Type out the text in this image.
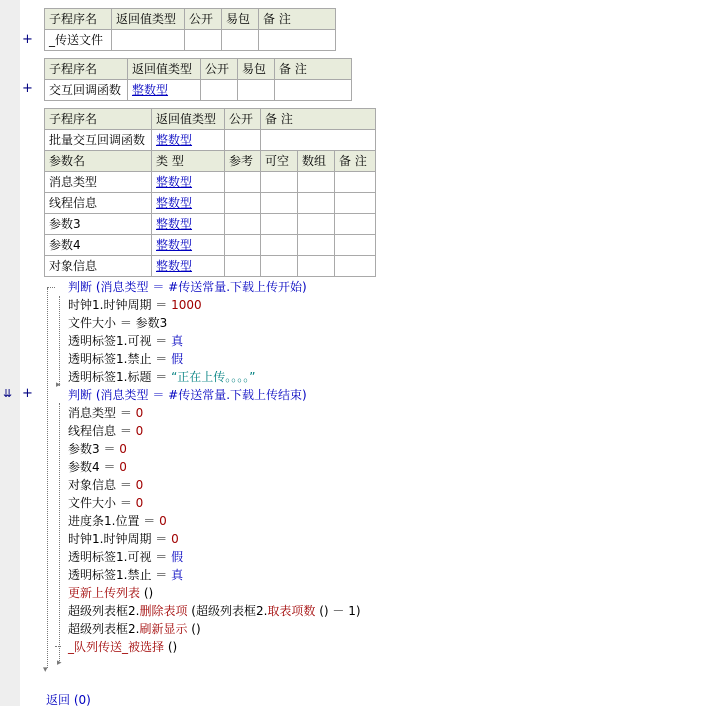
+
+
⇊ +
子程序名	返回值类型	公开	易包	备 注
_传送文件				
子程序名	返回值类型	公开	易包	备 注
交互回调函数	整数型			
子程序名	返回值类型	公开	备 注		
批量交互回调函数	整数型				
参数名	类 型	参考	可空	数组	备 注
消息类型	整数型				
线程信息	整数型				
参数3	整数型				
参数4	整数型				
对象信息	整数型				
▸
▸
▾
判断 (消息类型 ＝ #传送常量.下载上传开始)
时钟1.时钟周期 ＝ 1000
文件大小 ＝ 参数3
透明标签1.可视 ＝ 真
透明标签1.禁止 ＝ 假
透明标签1.标题 ＝ “正在上传。。。。”
判断 (消息类型 ＝ #传送常量.下载上传结束)
消息类型 ＝ 0
线程信息 ＝ 0
参数3 ＝ 0
参数4 ＝ 0
对象信息 ＝ 0
文件大小 ＝ 0
进度条1.位置 ＝ 0
时钟1.时钟周期 ＝ 0
透明标签1.可视 ＝ 假
透明标签1.禁止 ＝ 真
更新上传列表 ()
超级列表框2.删除表项 (超级列表框2.取表项数 () － 1)
超级列表框2.刷新显示 ()
_队列传送_被选择 ()
返回 (0)
